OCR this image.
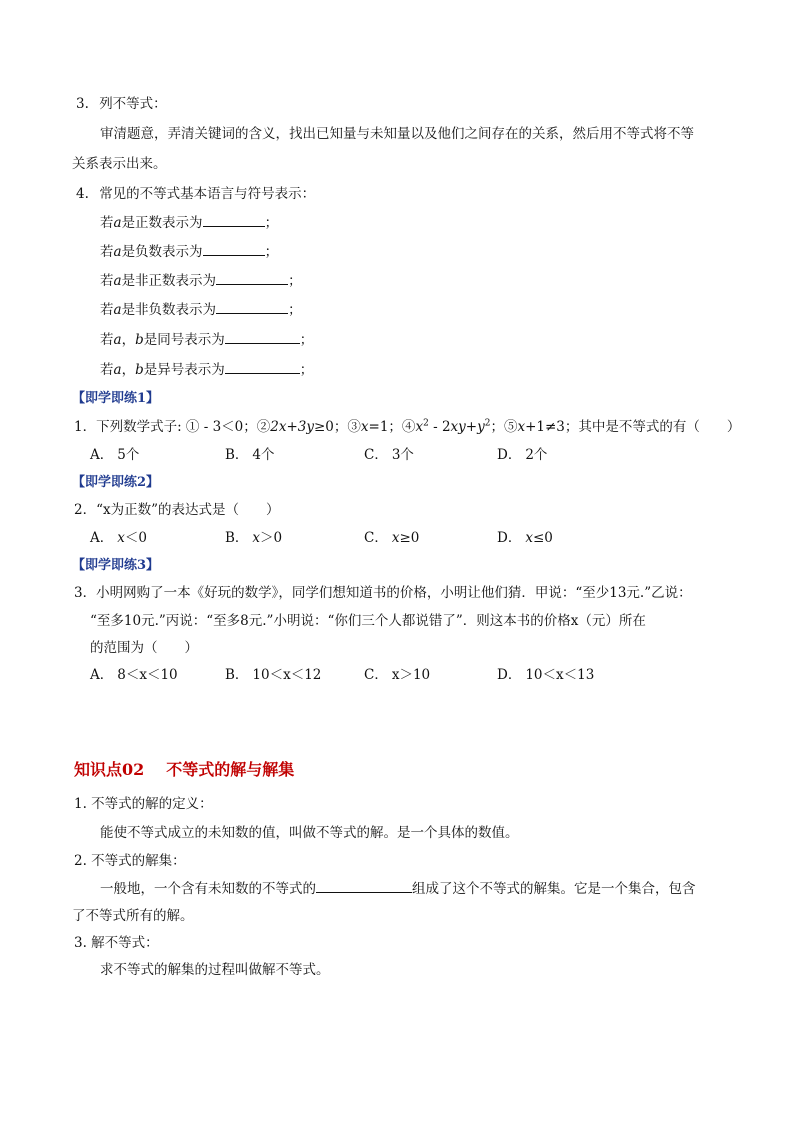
3. 列不等式：
审清题意，弄清关键词的含义，找出已知量与未知量以及他们之间存在的关系，然后用不等式将不等
关系表示出来。
4. 常见的不等式基本语言与符号表示：
若a是正数表示为	；
若a是负数表示为	；
若a是非正数表示为	；
若a是非负数表示为	；
若a，b是同号表示为	；
若a，b是异号表示为	；
【即学即练1】
1．下列数学式子: ① - 3＜0；②2x+3y≥0；③x=1；$④x^2 - 2xy+y^2$；⑤x+1≠3；其中是不等式的有（　　）
A． 5个	B． 4个	C． 3个	D． 2个
【即学即练2】
2．“x为正数”的表达式是（　　）
A． x＜0	B． x＞0	C． x≥0	D． x≤0
【即学即练3】
3．小明网购了一本《好玩的数学》，同学们想知道书的价格，小明让他们猜．甲说：“至少13元.”乙说：
“至多10元.”丙说：“至多8元.”小明说：“你们三个人都说错了”．则这本书的价格x（元）所在
的范围为（　　）
A． 8＜x＜10	B． 10＜x＜12	C． x＞10	D． 10＜x＜13
知识点02 不等式的解与解集
1. 不等式的解的定义：
能使不等式成立的未知数的值，叫做不等式的解。是一个具体的数值。
2. 不等式的解集：
一般地，一个含有未知数的不等式的	组成了这个不等式的解集。它是一个集合，包含
了不等式所有的解。
3. 解不等式：
求不等式的解集的过程叫做解不等式。
